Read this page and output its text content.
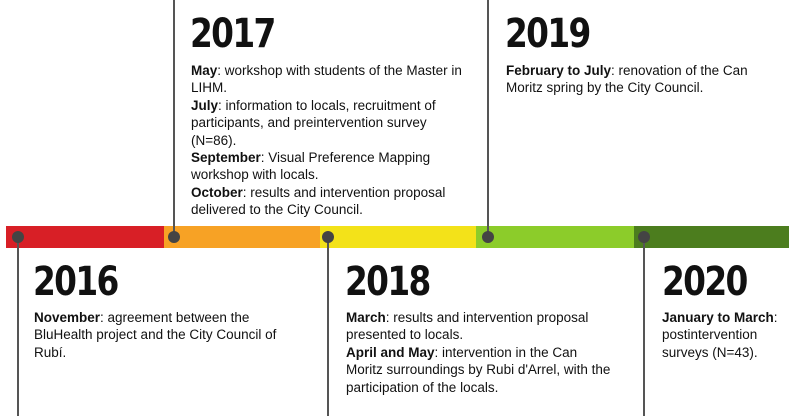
2017

May: workshop with students of the Master in LIHM.

July: information to locals, recruitment of participants, and preintervention survey (N=86).

September: Visual Preference Mapping workshop with locals.

October: results and intervention proposal delivered to the City Council.

2019

February to July: renovation of the Can Moritz spring by the City Council.

2016

November: agreement between the BluHealth project and the City Council of Rubí.

2018

March: results and intervention proposal presented to locals.

April and May: intervention in the Can Moritz surroundings by Rubi d'Arrel, with the participation of the locals.

2020

January to March: postintervention surveys (N=43).
